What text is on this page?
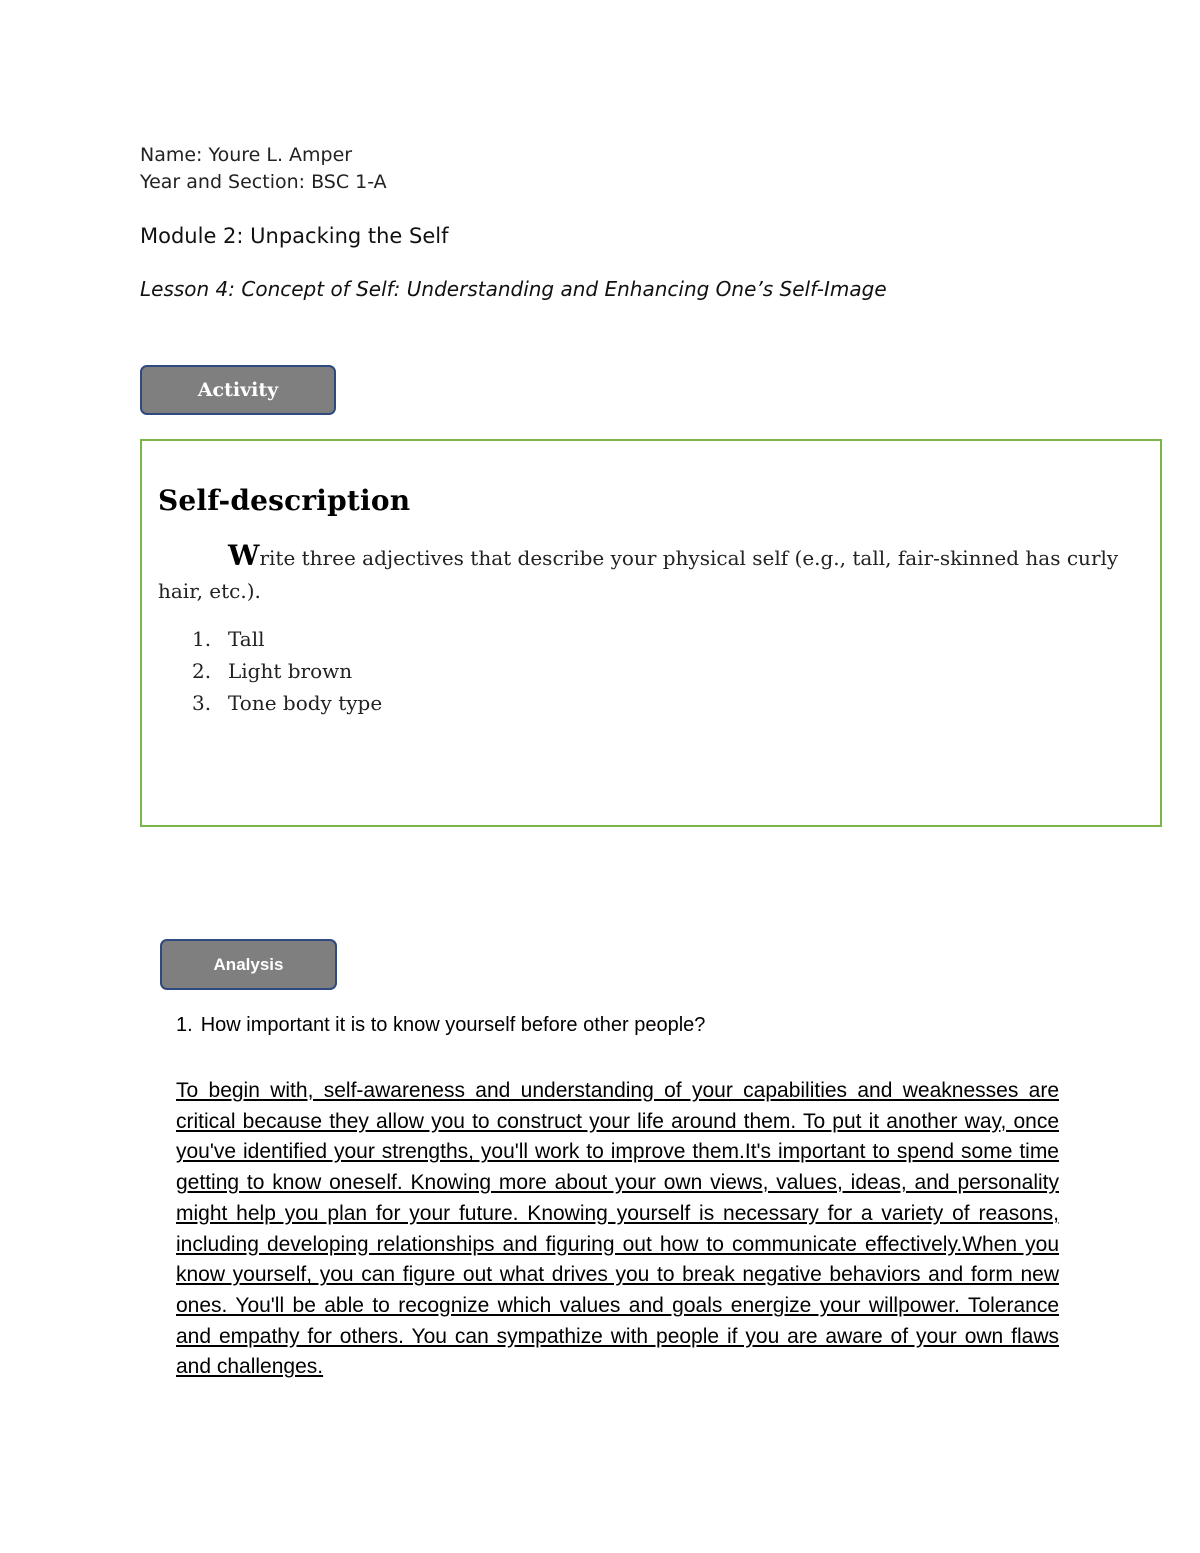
Name: Youre L. Amper
Year and Section: BSC 1-A
Module 2: Unpacking the Self
Lesson 4: Concept of Self: Understanding and Enhancing One’s Self-Image
Activity
Self-description
Write three adjectives that describe your physical self (e.g., tall, fair-skinned has curly hair, etc.).
1. Tall
2. Light brown
3. Tone body type
Analysis
1. How important it is to know yourself before other people?
To begin with, self-awareness and understanding of your capabilities and weaknesses are critical because they allow you to construct your life around them. To put it another way, once you've identified your strengths, you'll work to improve them.It's important to spend some time getting to know oneself. Knowing more about your own views, values, ideas, and personality might help you plan for your future. Knowing yourself is necessary for a variety of reasons, including developing relationships and figuring out how to communicate effectively.When you know yourself, you can figure out what drives you to break negative behaviors and form new ones. You'll be able to recognize which values and goals energize your willpower. Tolerance and empathy for others. You can sympathize with people if you are aware of your own flaws and challenges.
